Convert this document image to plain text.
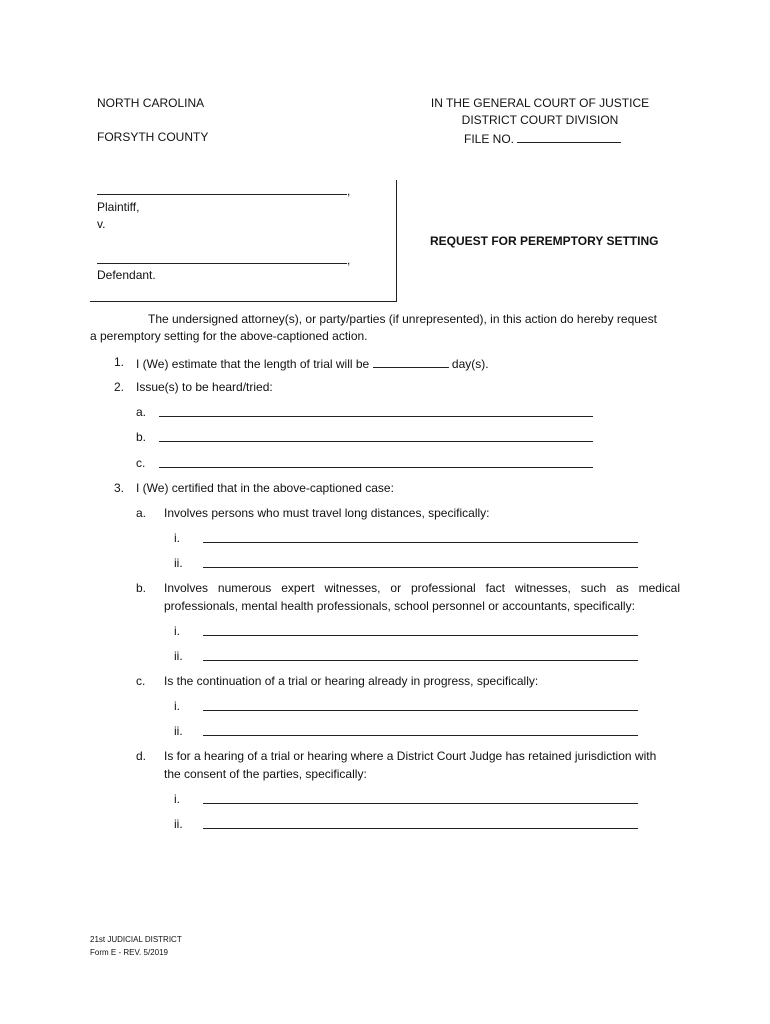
NORTH CAROLINA
FORSYTH COUNTY
IN THE GENERAL COURT OF JUSTICE
DISTRICT COURT DIVISION
FILE NO.
,
Plaintiff,
v.
,
Defendant.
REQUEST FOR PEREMPTORY SETTING
The undersigned attorney(s), or party/parties (if unrepresented), in this action do hereby request
a peremptory setting for the above-captioned action.
1. I (We) estimate that the length of trial will be	day(s).
2. Issue(s) to be heard/tried:
a.
b.
c.
3. I (We) certified that in the above-captioned case:
a. Involves persons who must travel long distances, specifically:
i.
ii.
b. Involves numerous expert witnesses, or professional fact witnesses, such as medical
professionals, mental health professionals, school personnel or accountants, specifically:
i.
ii.
c. Is the continuation of a trial or hearing already in progress, specifically:
i.
ii.
d. Is for a hearing of a trial or hearing where a District Court Judge has retained jurisdiction with
the consent of the parties, specifically:
i.
ii.
21st JUDICIAL DISTRICT
Form E - REV. 5/2019
